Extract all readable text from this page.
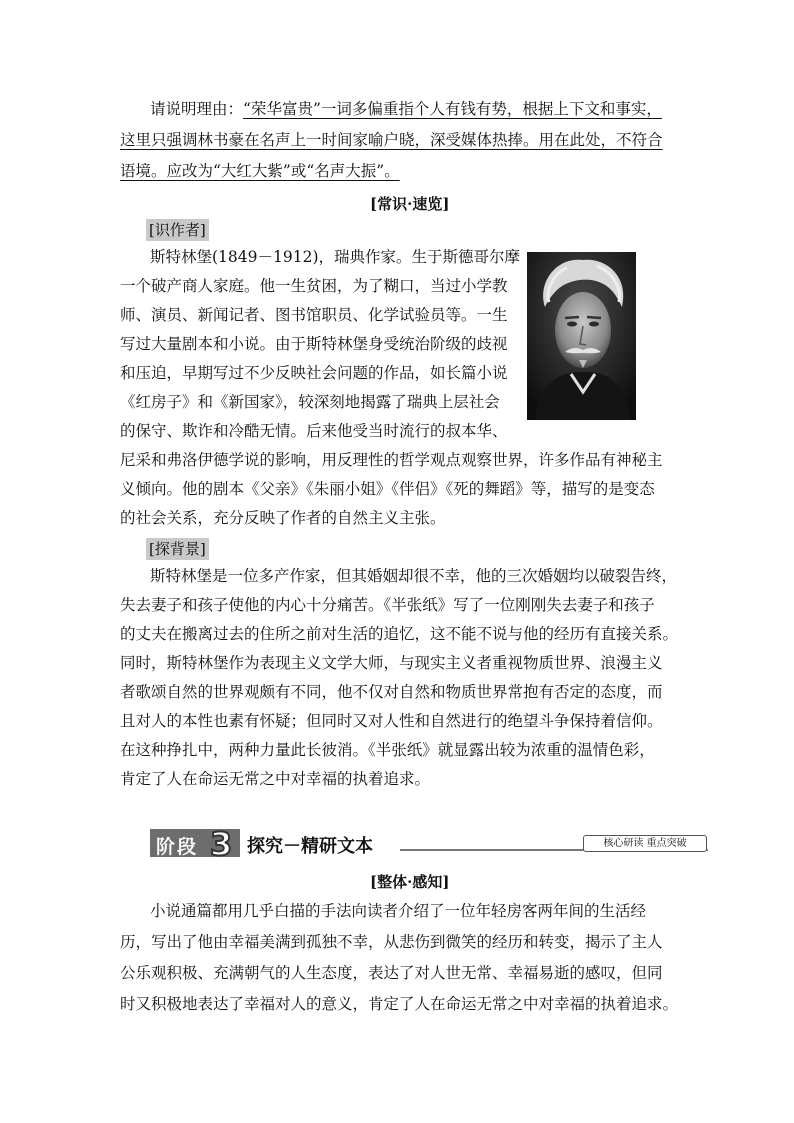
请说明理由：“荣华富贵”一词多偏重指个人有钱有势，根据上下文和事实，
这里只强调林书豪在名声上一时间家喻户晓，深受媒体热捧。用在此处，不符合
语境。应改为“大红大紫”或“名声大振”。
[常识·速览]
[识作者]
斯特林堡(1849－1912)，瑞典作家。生于斯德哥尔摩
一个破产商人家庭。他一生贫困，为了糊口，当过小学教
师、演员、新闻记者、图书馆职员、化学试验员等。一生
写过大量剧本和小说。由于斯特林堡身受统治阶级的歧视
和压迫，早期写过不少反映社会问题的作品，如长篇小说
《红房子》和《新国家》，较深刻地揭露了瑞典上层社会
的保守、欺诈和冷酷无情。后来他受当时流行的叔本华、
尼采和弗洛伊德学说的影响，用反理性的哲学观点观察世界，许多作品有神秘主
义倾向。他的剧本《父亲》《朱丽小姐》《伴侣》《死的舞蹈》等，描写的是变态
的社会关系，充分反映了作者的自然主义主张。
[探背景]
斯特林堡是一位多产作家，但其婚姻却很不幸，他的三次婚姻均以破裂告终，
失去妻子和孩子使他的内心十分痛苦。《半张纸》写了一位刚刚失去妻子和孩子
的丈夫在搬离过去的住所之前对生活的追忆，这不能不说与他的经历有直接关系。
同时，斯特林堡作为表现主义文学大师，与现实主义者重视物质世界、浪漫主义
者歌颂自然的世界观颇有不同，他不仅对自然和物质世界常抱有否定的态度，而
且对人的本性也素有怀疑；但同时又对人性和自然进行的绝望斗争保持着信仰。
在这种挣扎中，两种力量此长彼消。《半张纸》就显露出较为浓重的温情色彩，
肯定了人在命运无常之中对幸福的执着追求。
阶段 3 探究－精研文本	核心研读 重点突破
[整体·感知]
小说通篇都用几乎白描的手法向读者介绍了一位年轻房客两年间的生活经
历，写出了他由幸福美满到孤独不幸，从悲伤到微笑的经历和转变，揭示了主人
公乐观积极、充满朝气的人生态度，表达了对人世无常、幸福易逝的感叹，但同
时又积极地表达了幸福对人的意义，肯定了人在命运无常之中对幸福的执着追求。
